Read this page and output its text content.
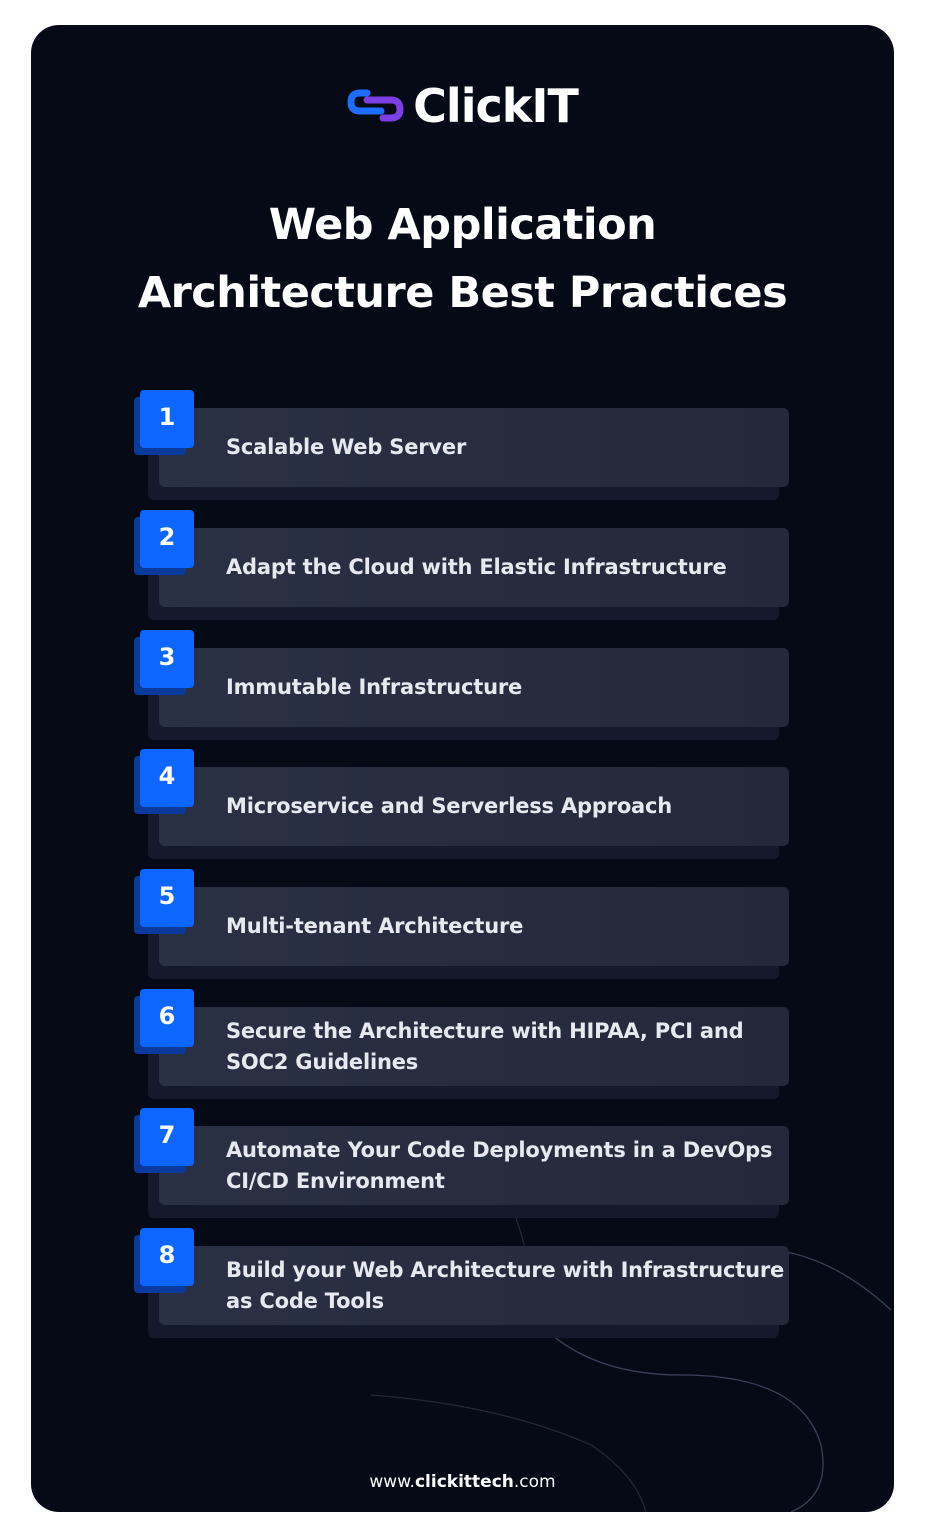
ClickIT
Web Application
Architecture Best Practices
1
Scalable Web Server
2
Adapt the Cloud with Elastic Infrastructure
3
Immutable Infrastructure
4
Microservice and Serverless Approach
5
Multi-tenant Architecture
6
Secure the Architecture with HIPAA, PCI and SOC2 Guidelines
7
Automate Your Code Deployments in a DevOps CI/CD Environment
8
Build your Web Architecture with Infrastructure as Code Tools
www.clickittech.com
